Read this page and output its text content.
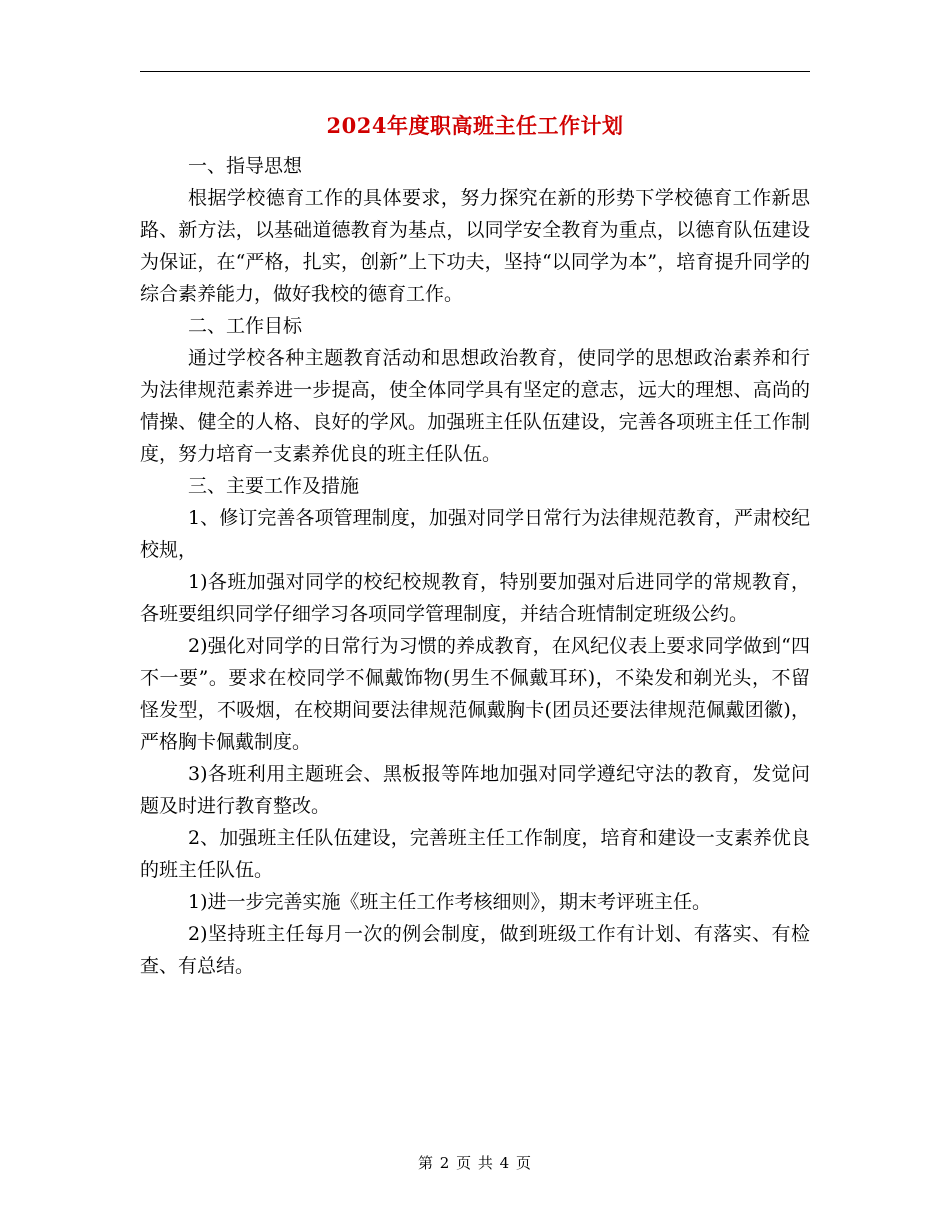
2024年度职高班主任工作计划

一、指导思想

根据学校德育工作的具体要求，努力探究在新的形势下学校德育工作新思路、新方法，以基础道德教育为基点，以同学安全教育为重点，以德育队伍建设为保证，在“严格，扎实，创新”上下功夫，坚持“以同学为本”，培育提升同学的综合素养能力，做好我校的德育工作。

二、工作目标

通过学校各种主题教育活动和思想政治教育，使同学的思想政治素养和行为法律规范素养进一步提高，使全体同学具有坚定的意志，远大的理想、高尚的情操、健全的人格、良好的学风。加强班主任队伍建设，完善各项班主任工作制度，努力培育一支素养优良的班主任队伍。

三、主要工作及措施

1、修订完善各项管理制度，加强对同学日常行为法律规范教育，严肃校纪校规，

1)各班加强对同学的校纪校规教育，特别要加强对后进同学的常规教育，各班要组织同学仔细学习各项同学管理制度，并结合班情制定班级公约。

2)强化对同学的日常行为习惯的养成教育，在风纪仪表上要求同学做到“四不一要”。要求在校同学不佩戴饰物(男生不佩戴耳环)，不染发和剃光头，不留怪发型，不吸烟，在校期间要法律规范佩戴胸卡(团员还要法律规范佩戴团徽)，严格胸卡佩戴制度。

3)各班利用主题班会、黑板报等阵地加强对同学遵纪守法的教育，发觉问题及时进行教育整改。

2、加强班主任队伍建设，完善班主任工作制度，培育和建设一支素养优良的班主任队伍。

1)进一步完善实施《班主任工作考核细则》，期末考评班主任。

2)坚持班主任每月一次的例会制度，做到班级工作有计划、有落实、有检查、有总结。

第 2 页 共 4 页
